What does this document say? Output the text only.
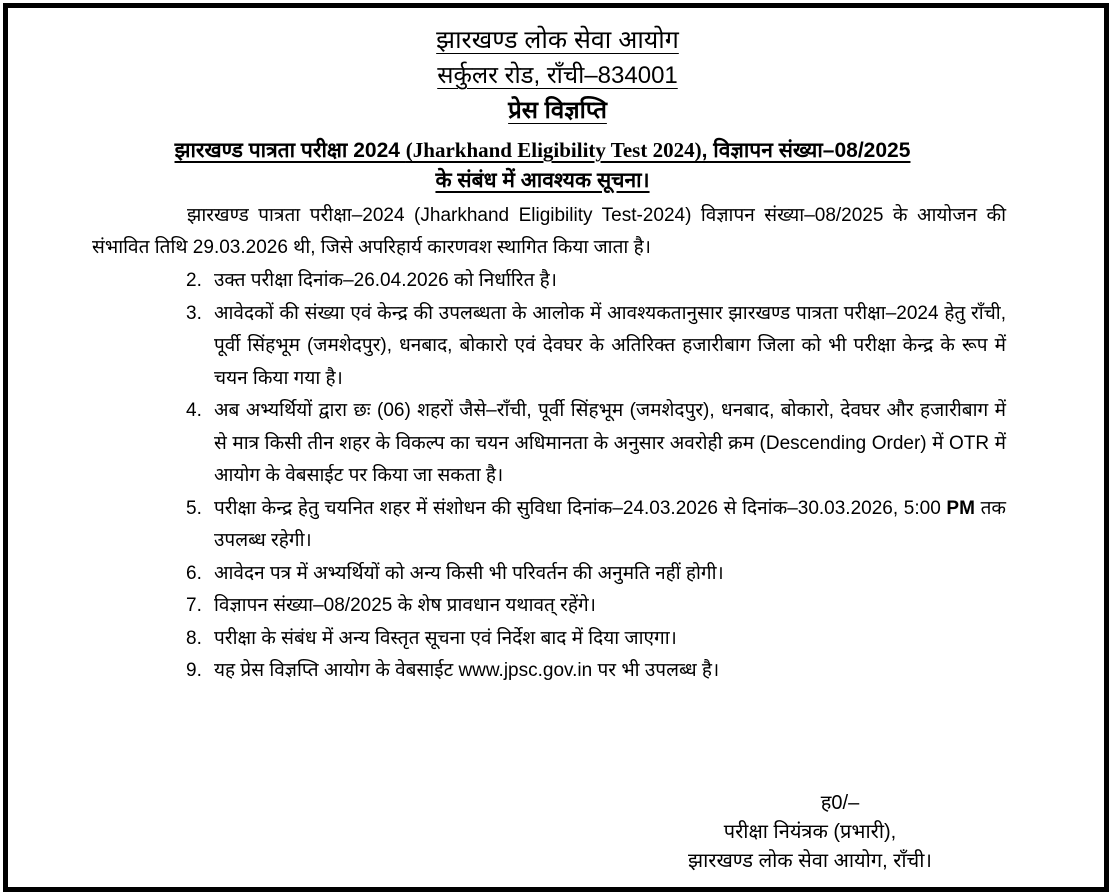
झारखण्ड लोक सेवा आयोग
सर्कुलर रोड, राँची–834001
प्रेस विज्ञप्ति
झारखण्ड पात्रता परीक्षा 2024 (Jharkhand Eligibility Test 2024), विज्ञापन संख्या–08/2025
के संबंध में आवश्यक सूचना।
झारखण्ड पात्रता परीक्षा–2024 (Jharkhand Eligibility Test-2024) विज्ञापन संख्या–08/2025 के आयोजन की संभावित तिथि 29.03.2026 थी, जिसे अपरिहार्य कारणवश स्थागित किया जाता है।
2. उक्त परीक्षा दिनांक–26.04.2026 को निर्धारित है।
3. आवेदकों की संख्या एवं केन्द्र की उपलब्धता के आलोक में आवश्यकतानुसार झारखण्ड पात्रता परीक्षा–2024 हेतु राँची, पूर्वी सिंहभूम (जमशेदपुर), धनबाद, बोकारो एवं देवघर के अतिरिक्त हजारीबाग जिला को भी परीक्षा केन्द्र के रूप में चयन किया गया है।
4. अब अभ्यर्थियों द्वारा छः (06) शहरों जैसे–राँची, पूर्वी सिंहभूम (जमशेदपुर), धनबाद, बोकारो, देवघर और हजारीबाग में से मात्र किसी तीन शहर के विकल्प का चयन अधिमानता के अनुसार अवरोही क्रम (Descending Order) में OTR में आयोग के वेबसाईट पर किया जा सकता है।
5. परीक्षा केन्द्र हेतु चयनित शहर में संशोधन की सुविधा दिनांक–24.03.2026 से दिनांक–30.03.2026, 5:00 PM तक उपलब्ध रहेगी।
6. आवेदन पत्र में अभ्यर्थियों को अन्य किसी भी परिवर्तन की अनुमति नहीं होगी।
7. विज्ञापन संख्या–08/2025 के शेष प्रावधान यथावत् रहेंगे।
8. परीक्षा के संबंध में अन्य विस्तृत सूचना एवं निर्देश बाद में दिया जाएगा।
9. यह प्रेस विज्ञप्ति आयोग के वेबसाईट www.jpsc.gov.in पर भी उपलब्ध है।
ह0/–
परीक्षा नियंत्रक (प्रभारी),
झारखण्ड लोक सेवा आयोग, राँची।
